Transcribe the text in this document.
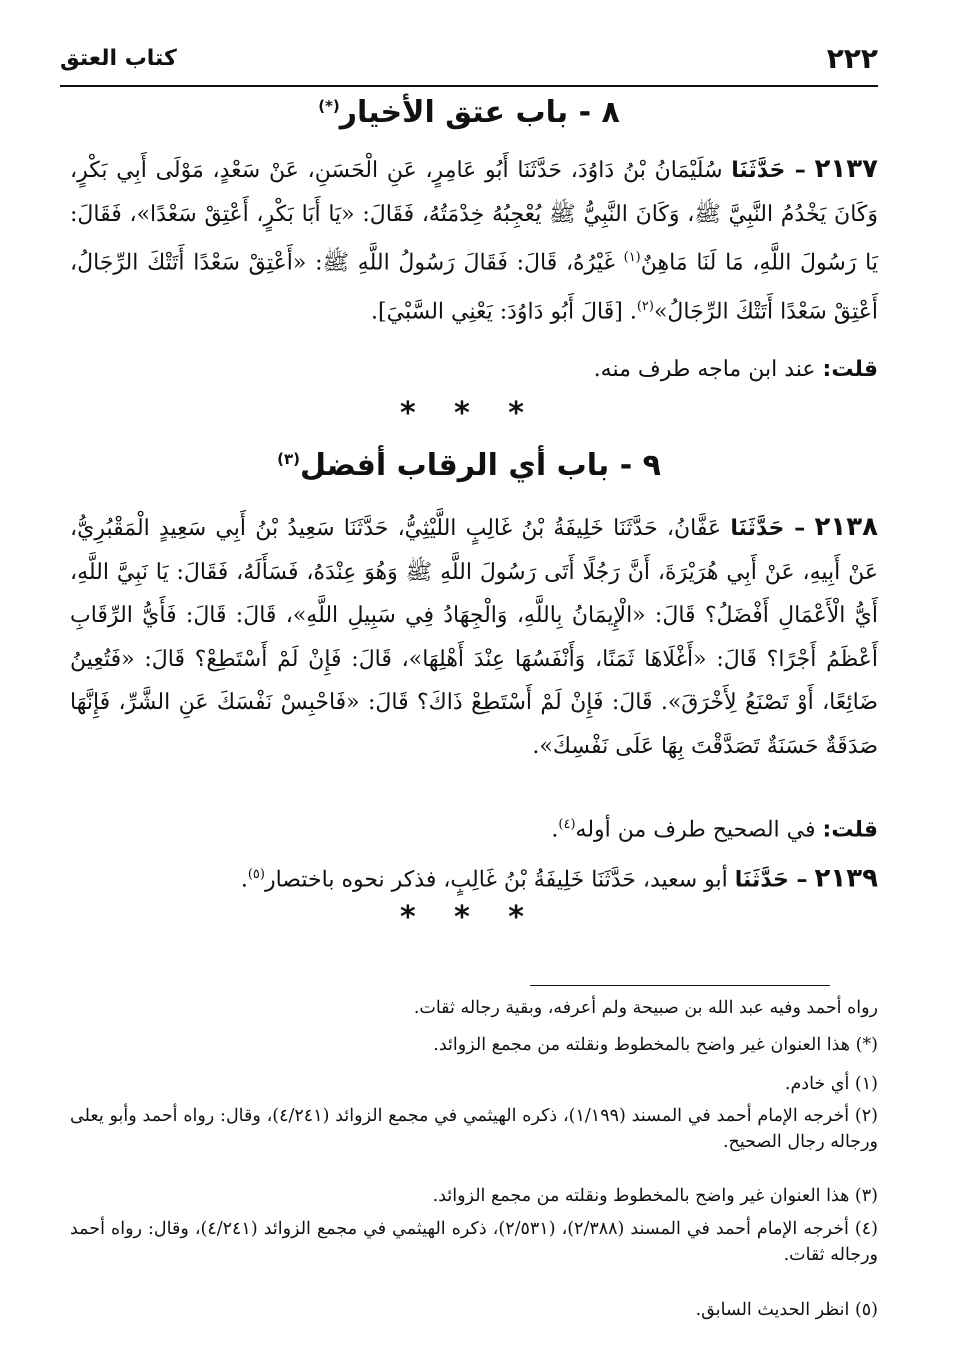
٢٢٢
كتاب العتق
٨ - باب عتق الأخيار(*)
٢١٣٧ – حَدَّثَنَا سُلَيْمَانُ بْنُ دَاوُدَ، حَدَّثَنَا أَبُو عَامِرٍ، عَنِ الْحَسَنِ، عَنْ سَعْدٍ، مَوْلَى أَبِي بَكْرٍ، وَكَانَ يَخْدُمُ النَّبِيَّ ﷺ، وَكَانَ النَّبِيُّ ﷺ يُعْجِبُهُ خِدْمَتُهُ، فَقَالَ: «يَا أَبَا بَكْرٍ، أَعْتِقْ سَعْدًا»، فَقَالَ: يَا رَسُولَ اللَّهِ، مَا لَنَا مَاهِنٌ$^{(١)}$ غَيْرُهُ، قَالَ: فَقَالَ رَسُولُ اللَّهِ ﷺ: «أَعْتِقْ سَعْدًا أَتَتْكَ الرِّجَالُ، أَعْتِقْ سَعْدًا أَتَتْكَ الرِّجَالُ»$^{(٢)}$. [قَالَ أَبُو دَاوُدَ: يَعْنِي السَّبْيَ].
قلت: عند ابن ماجه طرف منه.
* * *
٩ - باب أي الرقاب أفضل$^{(٣)}$
٢١٣٨ – حَدَّثَنَا عَفَّانُ، حَدَّثَنَا خَلِيفَةُ بْنُ غَالِبٍ اللَّيْثِيُّ، حَدَّثَنَا سَعِيدُ بْنُ أَبِي سَعِيدٍ الْمَقْبُرِيُّ، عَنْ أَبِيهِ، عَنْ أَبِي هُرَيْرَةَ، أَنَّ رَجُلًا أَتَى رَسُولَ اللَّهِ ﷺ وَهُوَ عِنْدَهُ، فَسَأَلَهُ، فَقَالَ: يَا نَبِيَّ اللَّهِ، أَيُّ الْأَعْمَالِ أَفْضَلُ؟ قَالَ: «الْإِيمَانُ بِاللَّهِ، وَالْجِهَادُ فِي سَبِيلِ اللَّهِ»، قَالَ: قَالَ: فَأَيُّ الرِّقَابِ أَعْظَمُ أَجْرًا؟ قَالَ: «أَغْلَاهَا ثَمَنًا، وَأَنْفَسُهَا عِنْدَ أَهْلِهَا»، قَالَ: فَإِنْ لَمْ أَسْتَطِعْ؟ قَالَ: «فَتُعِينُ ضَائِعًا، أَوْ تَصْنَعُ لِأَخْرَقَ». قَالَ: فَإِنْ لَمْ أَسْتَطِعْ ذَاكَ؟ قَالَ: «فَاحْبِسْ نَفْسَكَ عَنِ الشَّرِّ، فَإِنَّهَا صَدَقَةٌ حَسَنَةٌ تَصَدَّقْتَ بِهَا عَلَى نَفْسِكَ».
قلت: في الصحيح طرف من أوله$^{(٤)}$.
٢١٣٩ – حَدَّثَنَا أبو سعيد، حَدَّثَنَا خَلِيفَةُ بْنُ غَالِبٍ، فذكر نحوه باختصار$^{(٥)}$.
* * *
رواه أحمد وفيه عبد الله بن صبيحة ولم أعرفه، وبقية رجاله ثقات.
(*) هذا العنوان غير واضح بالمخطوط ونقلته من مجمع الزوائد.
(١) أي خادم.
(٢) أخرجه الإمام أحمد في المسند (١/١٩٩)، ذكره الهيثمي في مجمع الزوائد (٤/٢٤١)، وقال: رواه أحمد وأبو يعلى ورجاله رجال الصحيح.
(٣) هذا العنوان غير واضح بالمخطوط ونقلته من مجمع الزوائد.
(٤) أخرجه الإمام أحمد في المسند (٢/٣٨٨)، (٢/٥٣١)، ذكره الهيثمي في مجمع الزوائد (٤/٢٤١)، وقال: رواه أحمد ورجاله ثقات.
(٥) انظر الحديث السابق.
